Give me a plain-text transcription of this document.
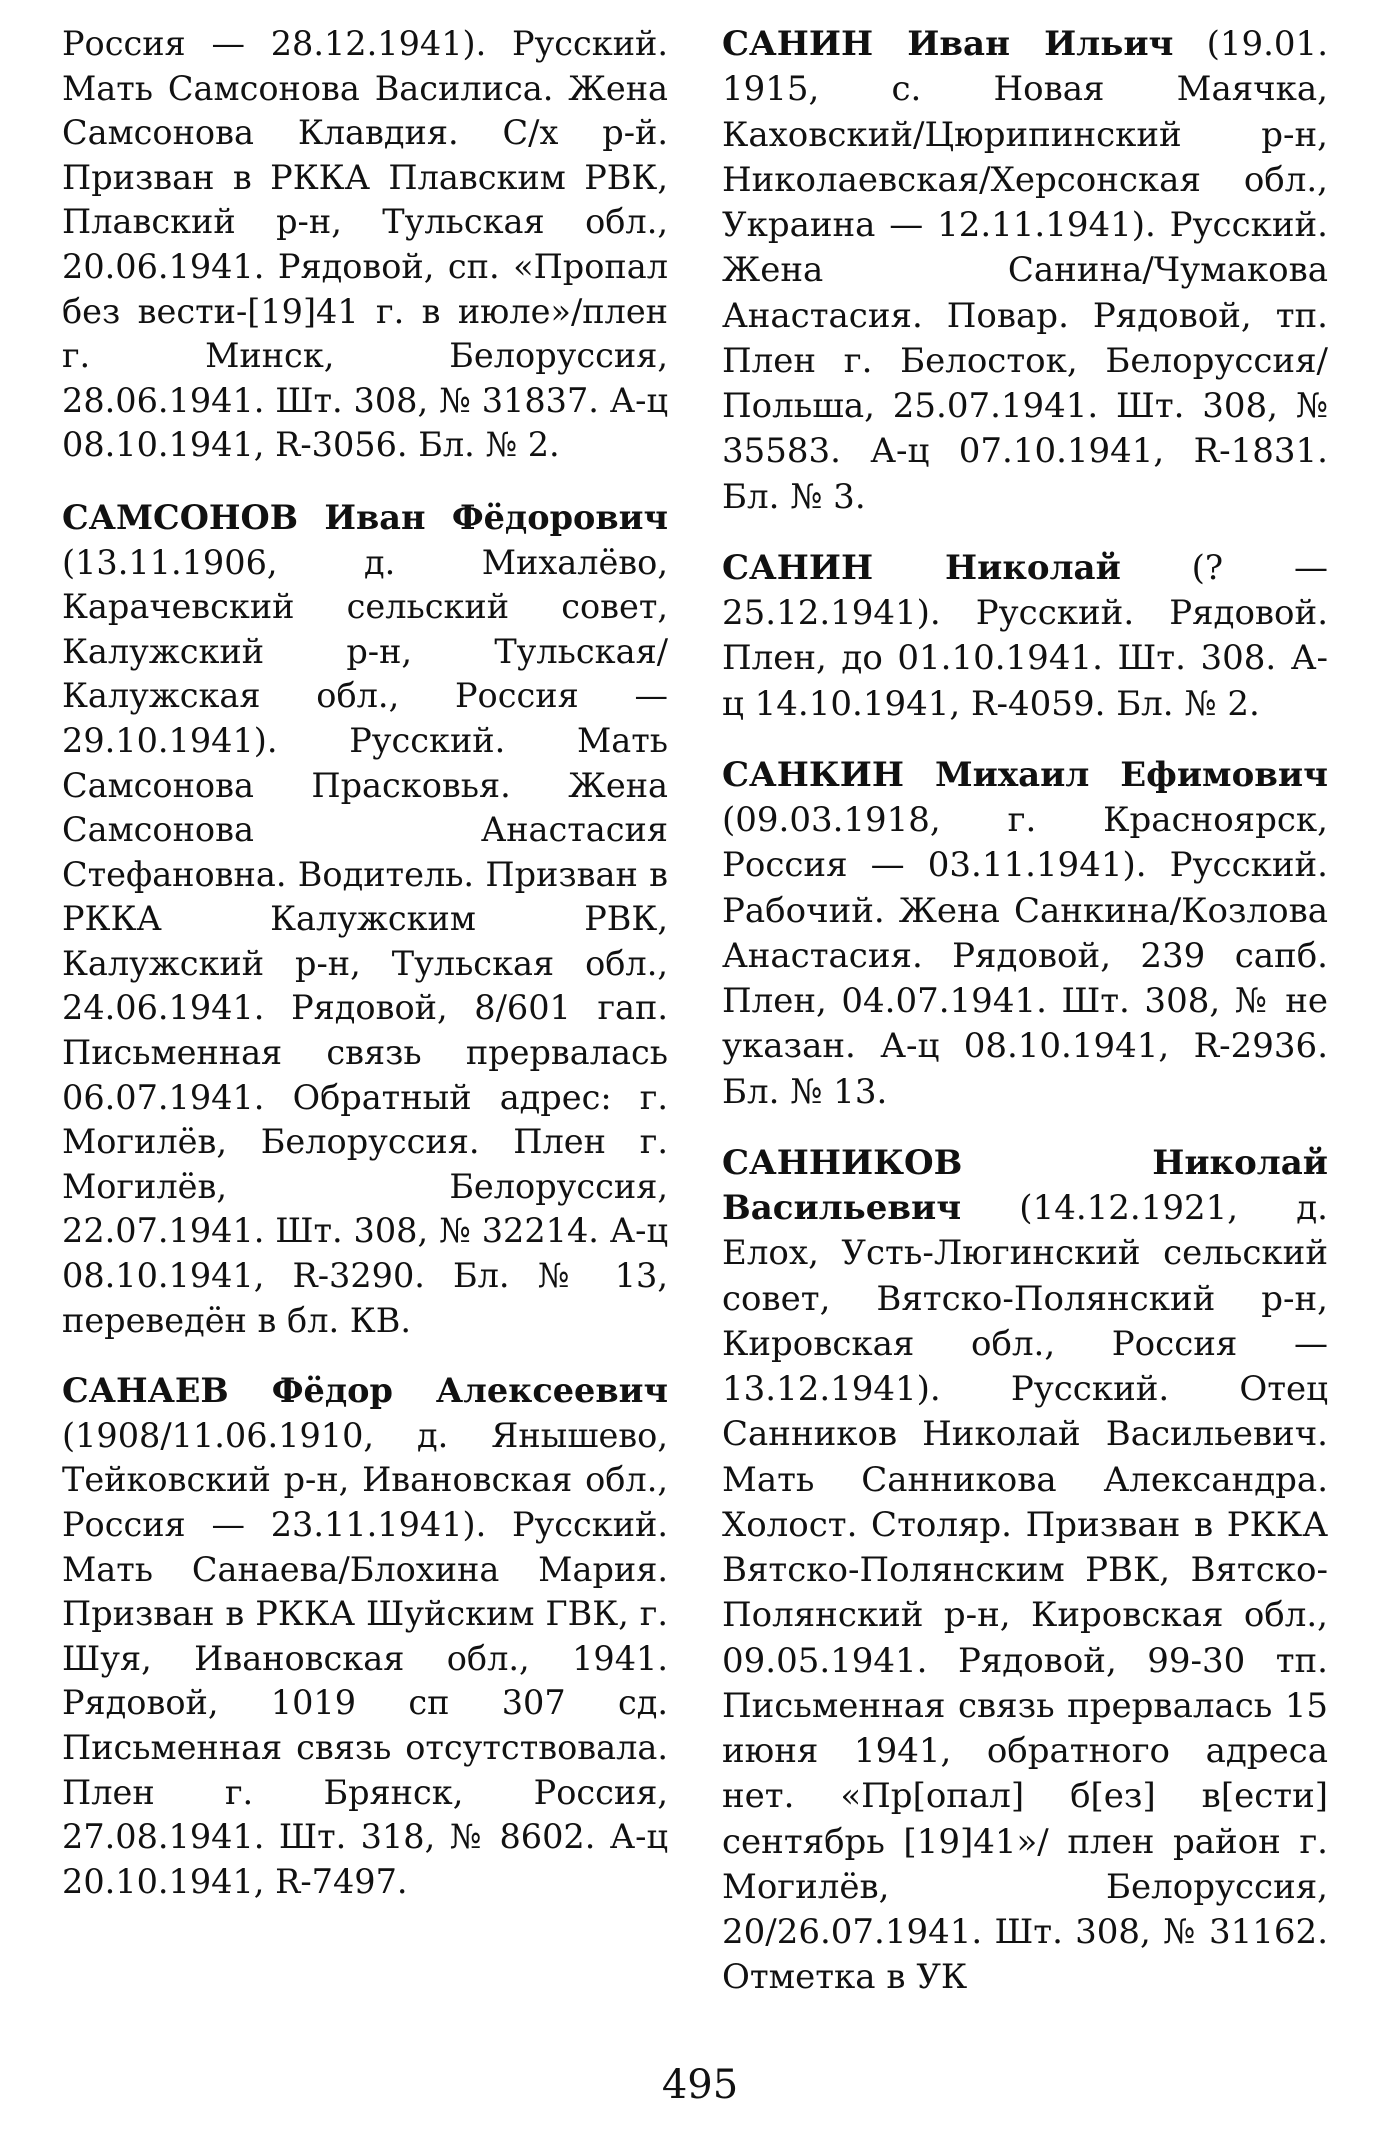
Россия — 28.12.1941). Русский. Мать Самсонова Василиса. Жена Самсонова Клавдия. С/х р-й. Призван в РККА Плавским РВК, Плавский р-н, Тульская обл., 20.06.1941. Рядовой, сп. «Пропал без вести-[19]41 г. в июле»/плен г. Минск, Белоруссия, 28.06.1941. Шт. 308, № 31837. А-ц 08.10.1941, R-3056. Бл. № 2.

САМСОНОВ Иван Фёдорович (13.11.1906, д. Михалёво, Карачевский сельский совет, Калужский р-н, Тульская/ Калужская обл., Россия — 29.10.1941). Русский. Мать Самсонова Прасковья. Жена Самсонова Анастасия Стефановна. Водитель. Призван в РККА Калужским РВК, Калужский р-н, Тульская обл., 24.06.1941. Рядовой, 8/601 гап. Письменная связь прервалась 06.07.1941. Обратный адрес: г. Могилёв, Белоруссия. Плен г. Могилёв, Белоруссия, 22.07.1941. Шт. 308, № 32214. А-ц 08.10.1941, R-3290. Бл. № 13, переведён в бл. КВ.

САНАЕВ Фёдор Алексеевич (1908/11.06.1910, д. Янышево, Тейковский р-н, Ивановская обл., Россия — 23.11.1941). Русский. Мать Санаева/Блохина Мария. Призван в РККА Шуйским ГВК, г. Шуя, Ивановская обл., 1941. Рядовой, 1019 сп 307 сд. Письменная связь отсутствовала. Плен г. Брянск, Россия, 27.08.1941. Шт. 318, № 8602. А-ц 20.10.1941, R-7497.

САНИН Иван Ильич (19.01. 1915, с. Новая Маячка, Каховский/Цюрипинский р-н, Николаевская/Херсонская обл., Украина — 12.11.1941). Русский. Жена Санина/Чумакова Анастасия. Повар. Рядовой, тп. Плен г. Белосток, Белоруссия/ Польша, 25.07.1941. Шт. 308, № 35583. А-ц 07.10.1941, R-1831. Бл. № 3.

САНИН Николай (? — 25.12.1941). Русский. Рядовой. Плен, до 01.10.1941. Шт. 308. А-ц 14.10.1941, R-4059. Бл. № 2.

САНКИН Михаил Ефимович (09.03.1918, г. Красноярск, Россия — 03.11.1941). Русский. Рабочий. Жена Санкина/Козлова Анастасия. Рядовой, 239 сапб. Плен, 04.07.1941. Шт. 308, № не указан. А-ц 08.10.1941, R-2936. Бл. № 13.

САННИКОВ Николай Васильевич (14.12.1921, д. Елох, Усть-Люгинский сельский совет, Вятско-Полянский р-н, Кировская обл., Россия — 13.12.1941). Русский. Отец Санников Николай Васильевич. Мать Санникова Александра. Холост. Столяр. Призван в РККА Вятско-Полянским РВК, Вятско-Полянский р-н, Кировская обл., 09.05.1941. Рядовой, 99-30 тп. Письменная связь прервалась 15 июня 1941, обратного адреса нет. «Пр[опал] б[ез] в[ести] сентябрь [19]41»/ плен район г. Могилёв, Белоруссия, 20/26.07.1941. Шт. 308, № 31162. Отметка в УК

495
